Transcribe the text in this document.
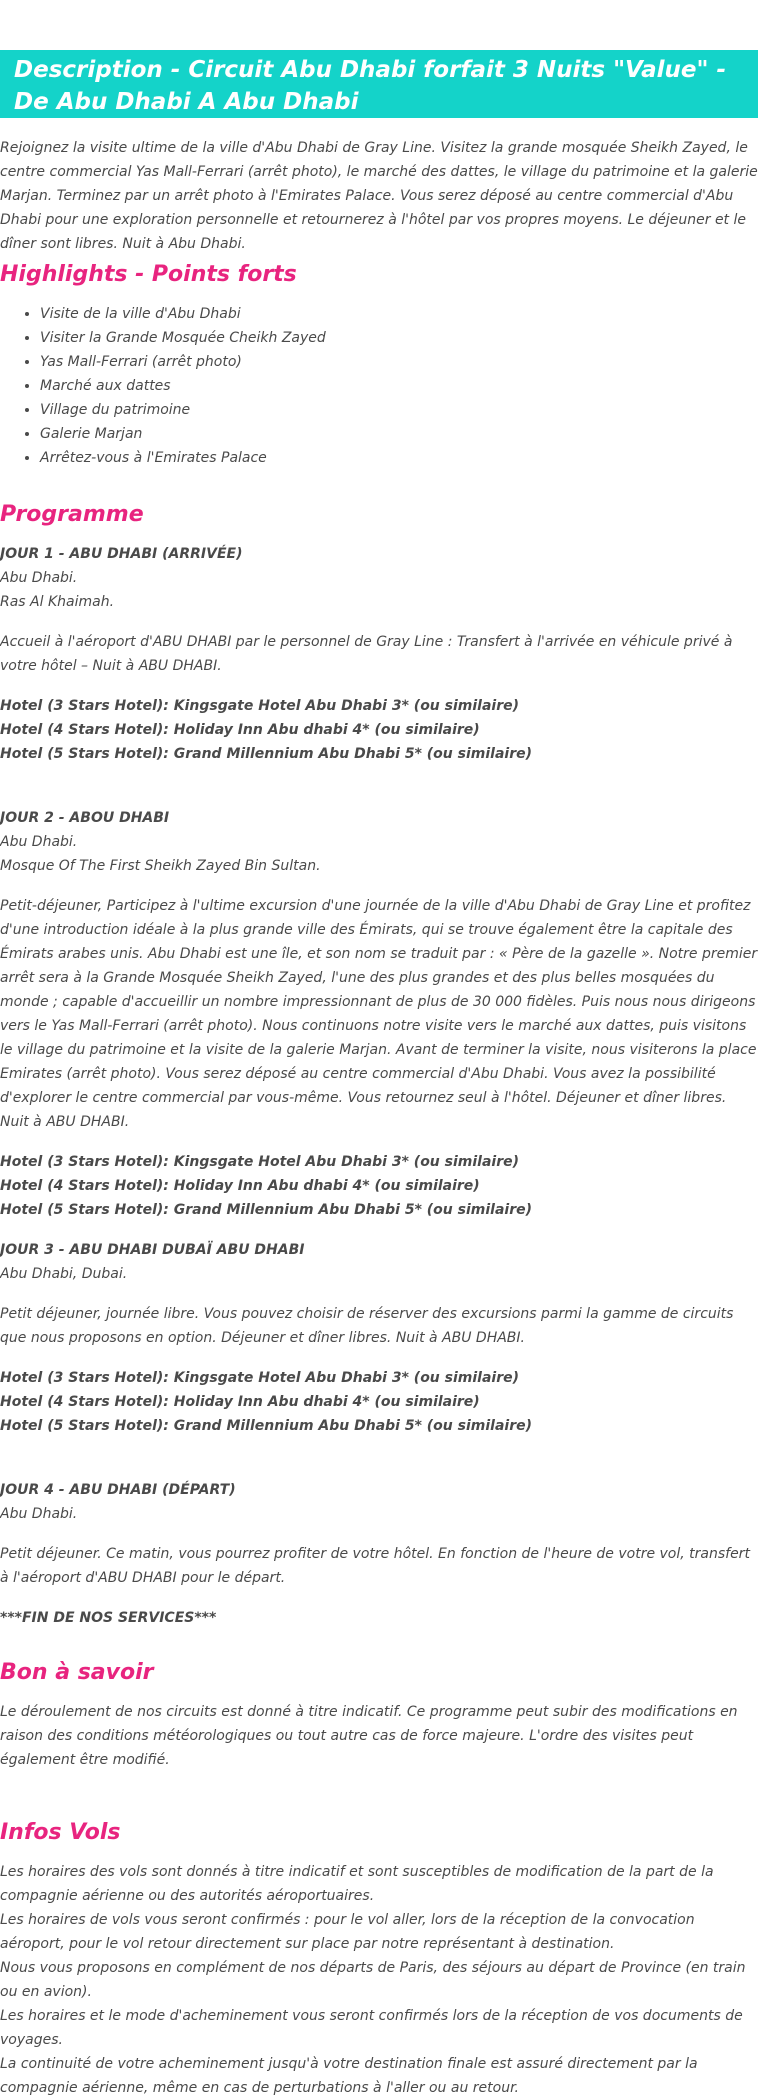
Description - Circuit Abu Dhabi forfait 3 Nuits "Value" - De Abu Dhabi A Abu Dhabi

Rejoignez la visite ultime de la ville d'Abu Dhabi de Gray Line. Visitez la grande mosquée Sheikh Zayed, le centre commercial Yas Mall-Ferrari (arrêt photo), le marché des dattes, le village du patrimoine et la galerie Marjan. Terminez par un arrêt photo à l'Emirates Palace. Vous serez déposé au centre commercial d'Abu Dhabi pour une exploration personnelle et retournerez à l'hôtel par vos propres moyens. Le déjeuner et le dîner sont libres. Nuit à Abu Dhabi.

Highlights - Points forts
• Visite de la ville d'Abu Dhabi
• Visiter la Grande Mosquée Cheikh Zayed
• Yas Mall-Ferrari (arrêt photo)
• Marché aux dattes
• Village du patrimoine
• Galerie Marjan
• Arrêtez-vous à l'Emirates Palace
Programme
JOUR 1 - ABU DHABI (ARRIVÉE)
Abu Dhabi.
Ras Al Khaimah.

Accueil à l'aéroport d'ABU DHABI par le personnel de Gray Line : Transfert à l'arrivée en véhicule privé à votre hôtel – Nuit à ABU DHABI.

Hotel (3 Stars Hotel): Kingsgate Hotel Abu Dhabi 3* (ou similaire)
Hotel (4 Stars Hotel): Holiday Inn Abu dhabi 4* (ou similaire)
Hotel (5 Stars Hotel): Grand Millennium Abu Dhabi 5* (ou similaire)
JOUR 2 - ABOU DHABI
Abu Dhabi.
Mosque Of The First Sheikh Zayed Bin Sultan.

Petit-déjeuner, Participez à l'ultime excursion d'une journée de la ville d'Abu Dhabi de Gray Line et profitez d'une introduction idéale à la plus grande ville des Émirats, qui se trouve également être la capitale des Émirats arabes unis. Abu Dhabi est une île, et son nom se traduit par : « Père de la gazelle ». Notre premier arrêt sera à la Grande Mosquée Sheikh Zayed, l'une des plus grandes et des plus belles mosquées du monde ; capable d'accueillir un nombre impressionnant de plus de 30 000 fidèles. Puis nous nous dirigeons vers le Yas Mall-Ferrari (arrêt photo). Nous continuons notre visite vers le marché aux dattes, puis visitons le village du patrimoine et la visite de la galerie Marjan. Avant de terminer la visite, nous visiterons la place Emirates (arrêt photo). Vous serez déposé au centre commercial d'Abu Dhabi. Vous avez la possibilité d'explorer le centre commercial par vous-même. Vous retournez seul à l'hôtel. Déjeuner et dîner libres. Nuit à ABU DHABI.

Hotel (3 Stars Hotel): Kingsgate Hotel Abu Dhabi 3* (ou similaire)
Hotel (4 Stars Hotel): Holiday Inn Abu dhabi 4* (ou similaire)
Hotel (5 Stars Hotel): Grand Millennium Abu Dhabi 5* (ou similaire)
JOUR 3 - ABU DHABI DUBAÏ ABU DHABI
Abu Dhabi, Dubai.

Petit déjeuner, journée libre. Vous pouvez choisir de réserver des excursions parmi la gamme de circuits que nous proposons en option. Déjeuner et dîner libres. Nuit à ABU DHABI.

Hotel (3 Stars Hotel): Kingsgate Hotel Abu Dhabi 3* (ou similaire)
Hotel (4 Stars Hotel): Holiday Inn Abu dhabi 4* (ou similaire)
Hotel (5 Stars Hotel): Grand Millennium Abu Dhabi 5* (ou similaire)
JOUR 4 - ABU DHABI (DÉPART)
Abu Dhabi.

Petit déjeuner. Ce matin, vous pourrez profiter de votre hôtel. En fonction de l'heure de votre vol, transfert à l'aéroport d'ABU DHABI pour le départ.

***FIN DE NOS SERVICES***
Bon à savoir

Le déroulement de nos circuits est donné à titre indicatif. Ce programme peut subir des modifications en raison des conditions météorologiques ou tout autre cas de force majeure. L'ordre des visites peut également être modifié.

Infos Vols
Les horaires des vols sont donnés à titre indicatif et sont susceptibles de modification de la part de la compagnie aérienne ou des autorités aéroportuaires.
Les horaires de vols vous seront confirmés : pour le vol aller, lors de la réception de la convocation aéroport, pour le vol retour directement sur place par notre représentant à destination.
Nous vous proposons en complément de nos départs de Paris, des séjours au départ de Province (en train ou en avion).
Les horaires et le mode d'acheminement vous seront confirmés lors de la réception de vos documents de voyages.
La continuité de votre acheminement jusqu'à votre destination finale est assuré directement par la compagnie aérienne, même en cas de perturbations à l'aller ou au retour.
